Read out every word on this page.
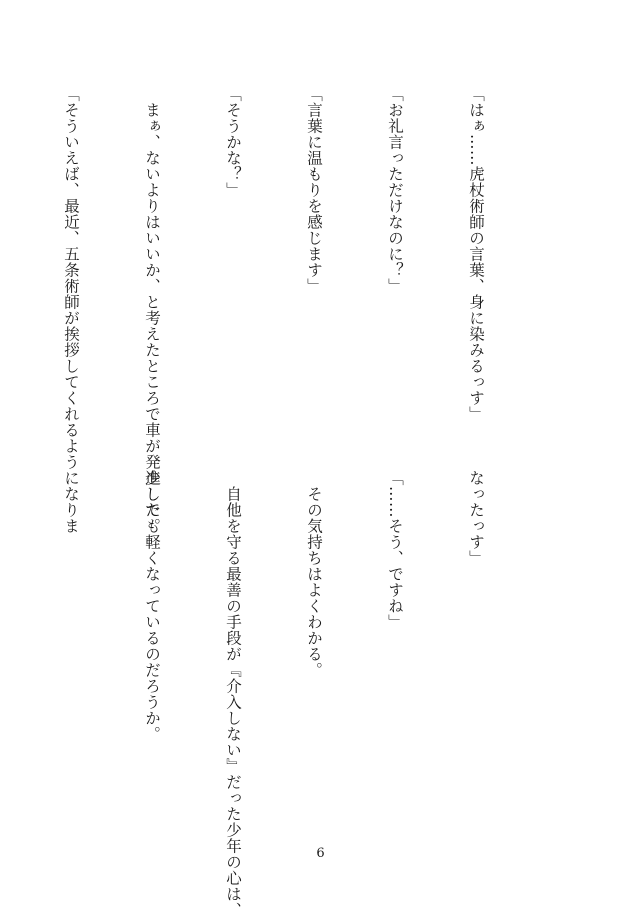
「はぁ……虎杖術師の言葉、身に染みるっす」

「お礼言っただけなのに？」

「言葉に温もりを感じます」

「そうかな？」

　まぁ、ないよりはいいか、と考えたところで車が発進した。

「そういえば、最近、五条術師が挨拶してくれるようになりま

	なったっす」

「……そう、ですね」

　その気持ちはよくわかる。

　自他を守る最善の手段が『介入しない』だった少年の心は、

少しでも軽くなっているのだろうか。

6
